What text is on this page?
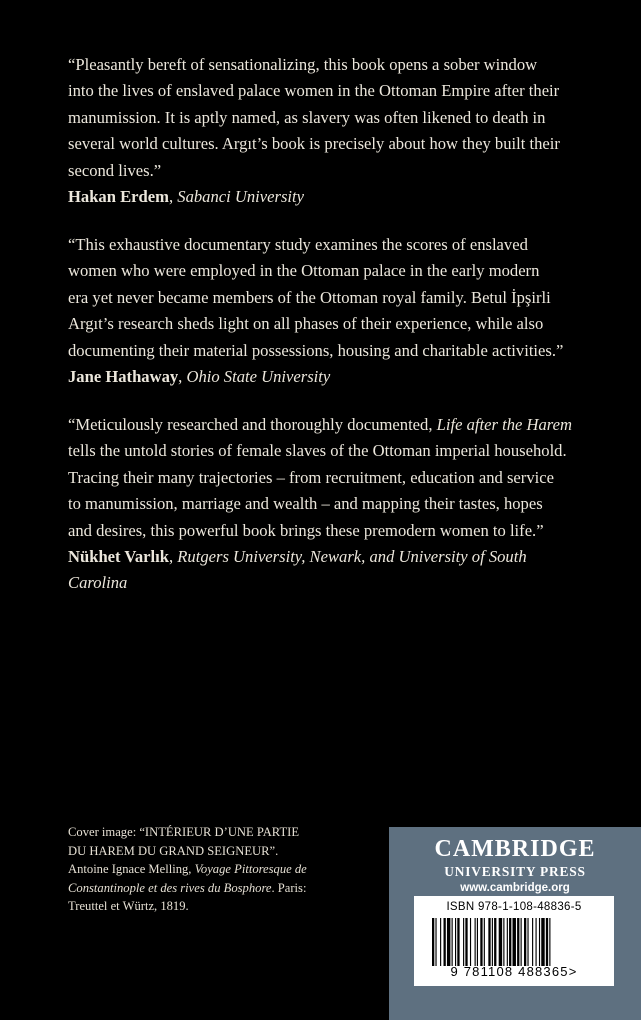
“Pleasantly bereft of sensationalizing, this book opens a sober window
into the lives of enslaved palace women in the Ottoman Empire after their
manumission. It is aptly named, as slavery was often likened to death in
several world cultures. Argıt’s book is precisely about how they built their
second lives.”

Hakan Erdem, Sabanci University

“This exhaustive documentary study examines the scores of enslaved
women who were employed in the Ottoman palace in the early modern
era yet never became members of the Ottoman royal family. Betul İpşirli
Argıt’s research sheds light on all phases of their experience, while also
documenting their material possessions, housing and charitable activities.”

Jane Hathaway, Ohio State University

“Meticulously researched and thoroughly documented, Life after the Harem
tells the untold stories of female slaves of the Ottoman imperial household.
Tracing their many trajectories – from recruitment, education and service
to manumission, marriage and wealth – and mapping their tastes, hopes
and desires, this powerful book brings these premodern women to life.”

Nükhet Varlık, Rutgers University, Newark, and University of South
Carolina
Cover image: “INTÉRIEUR D’UNE PARTIE
DU HAREM DU GRAND SEIGNEUR”.
Antoine Ignace Melling, Voyage Pittoresque de
Constantinople et des rives du Bosphore. Paris:
Treuttel et Würtz, 1819.
CAMBRIDGE
UNIVERSITY PRESS
www.cambridge.org
ISBN 978-1-108-48836-5
9 781108 488365>
